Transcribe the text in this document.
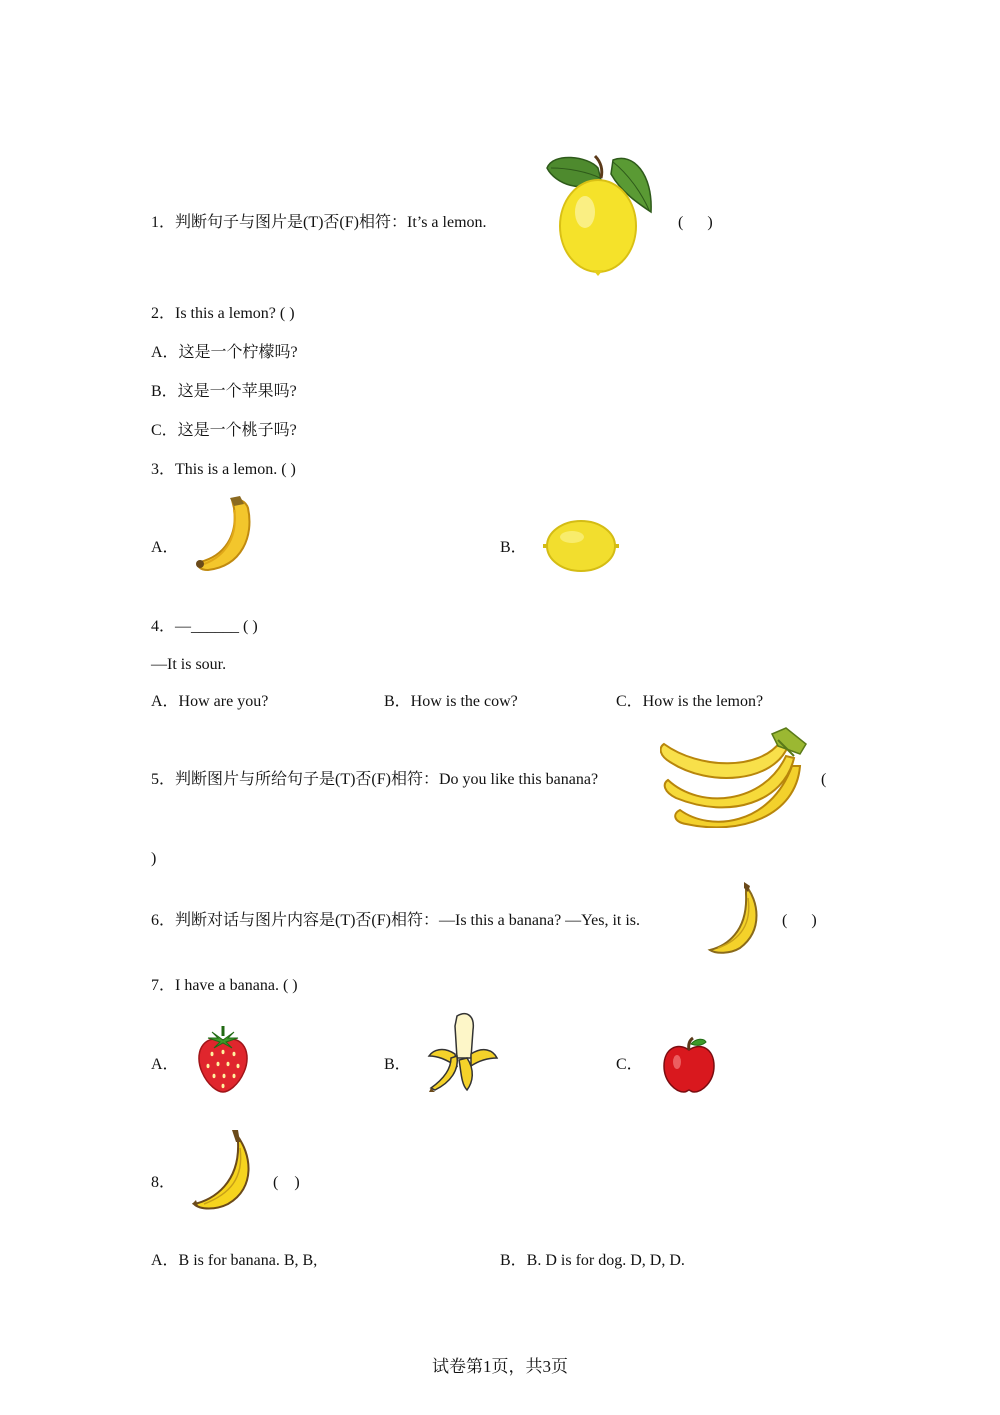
1．判断句子与图片是(T)否(F)相符：It’s a lemon.	(      )
2．Is this a lemon? ( )
A．这是一个柠檬吗?
B．这是一个苹果吗?
C．这是一个桃子吗?
3．This is a lemon. ( )
A．	B．
4．—______ ( )
—It is sour.
A．How are you?	B．How is the cow?	C．How is the lemon?
5．判断图片与所给句子是(T)否(F)相符：Do you like this banana?	(
)
6．判断对话与图片内容是(T)否(F)相符：—Is this a banana? —Yes, it is.	(      )
7．I have a banana. ( )
A．	B．	C．
8．	(    )
A．B is for banana. B, B,	B．B. D is for dog. D, D, D.
试卷第1页，共3页
